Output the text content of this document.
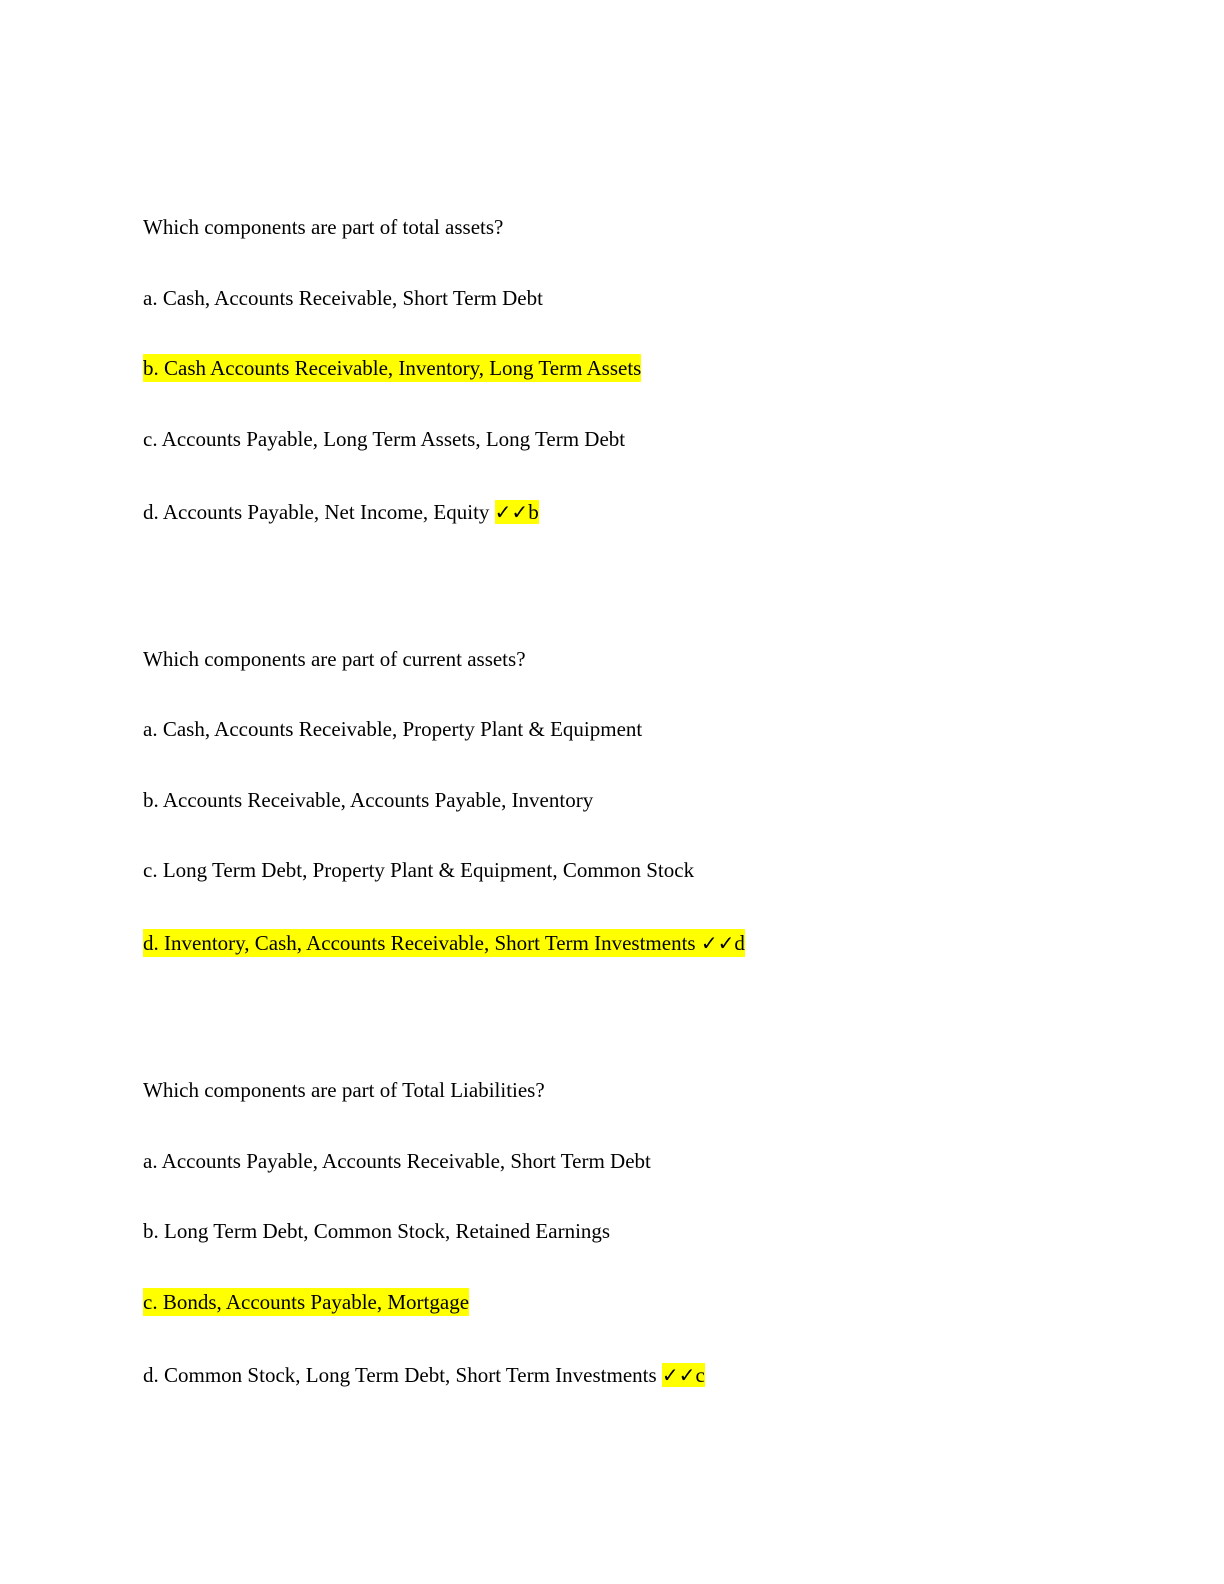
Which components are part of total assets?
a. Cash, Accounts Receivable, Short Term Debt
b. Cash Accounts Receivable, Inventory, Long Term Assets
c. Accounts Payable, Long Term Assets, Long Term Debt
d. Accounts Payable, Net Income, Equity ✓✓b
Which components are part of current assets?
a. Cash, Accounts Receivable, Property Plant & Equipment
b. Accounts Receivable, Accounts Payable, Inventory
c. Long Term Debt, Property Plant & Equipment, Common Stock
d. Inventory, Cash, Accounts Receivable, Short Term Investments ✓✓d
Which components are part of Total Liabilities?
a. Accounts Payable, Accounts Receivable, Short Term Debt
b. Long Term Debt, Common Stock, Retained Earnings
c. Bonds, Accounts Payable, Mortgage
d. Common Stock, Long Term Debt, Short Term Investments ✓✓c
